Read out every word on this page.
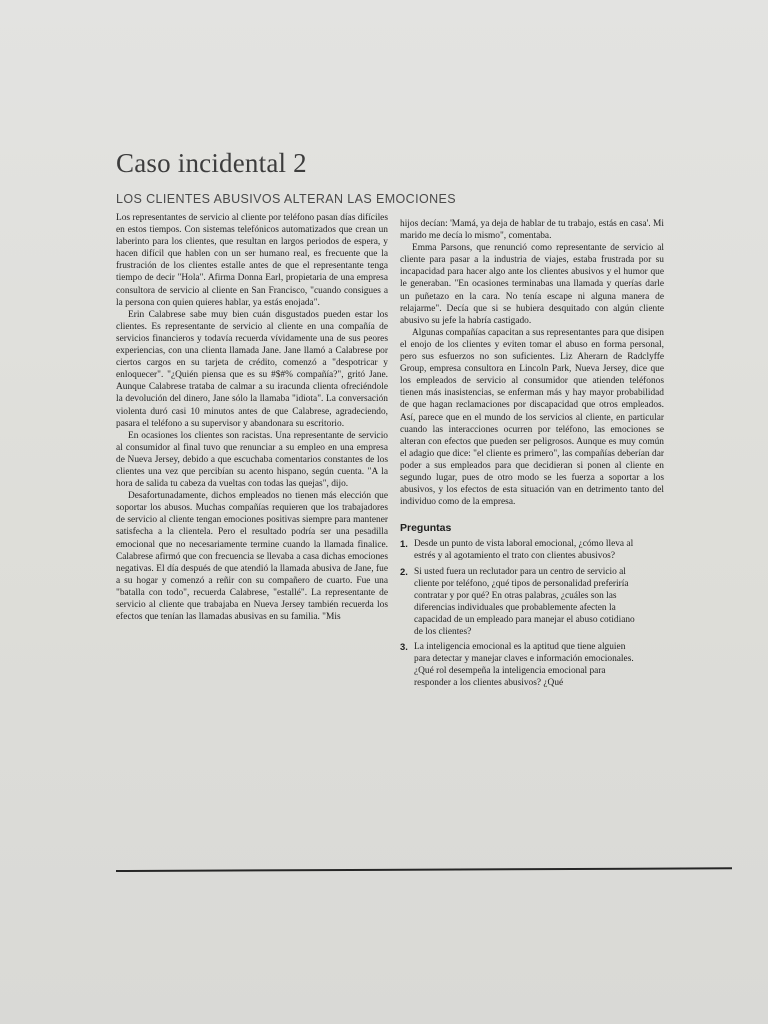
Caso incidental 2
LOS CLIENTES ABUSIVOS ALTERAN LAS EMOCIONES

Los representantes de servicio al cliente por teléfono pasan días difíciles en estos tiempos. Con sistemas telefónicos automatizados que crean un laberinto para los clientes, que resultan en largos periodos de espera, y hacen difícil que hablen con un ser humano real, es frecuente que la frustración de los clientes estalle antes de que el representante tenga tiempo de decir "Hola". Afirma Donna Earl, propietaria de una empresa consultora de servicio al cliente en San Francisco, "cuando consigues a la persona con quien quieres hablar, ya estás enojada".

Erin Calabrese sabe muy bien cuán disgustados pueden estar los clientes. Es representante de servicio al cliente en una compañía de servicios financieros y todavía recuerda vívidamente una de sus peores experiencias, con una clienta llamada Jane. Jane llamó a Calabrese por ciertos cargos en su tarjeta de crédito, comenzó a "despotricar y enloquecer". "¿Quién piensa que es su #$#% compañía?", gritó Jane. Aunque Calabrese trataba de calmar a su iracunda clienta ofreciéndole la devolución del dinero, Jane sólo la llamaba "idiota". La conversación violenta duró casi 10 minutos antes de que Calabrese, agradeciendo, pasara el teléfono a su supervisor y abandonara su escritorio.

En ocasiones los clientes son racistas. Una representante de servicio al consumidor al final tuvo que renunciar a su empleo en una empresa de Nueva Jersey, debido a que escuchaba comentarios constantes de los clientes una vez que percibían su acento hispano, según cuenta. "A la hora de salida tu cabeza da vueltas con todas las quejas", dijo.

Desafortunadamente, dichos empleados no tienen más elección que soportar los abusos. Muchas compañías requieren que los trabajadores de servicio al cliente tengan emociones positivas siempre para mantener satisfecha a la clientela. Pero el resultado podría ser una pesadilla emocional que no necesariamente termine cuando la llamada finalice. Calabrese afirmó que con frecuencia se llevaba a casa dichas emociones negativas. El día después de que atendió la llamada abusiva de Jane, fue a su hogar y comenzó a reñir con su compañero de cuarto. Fue una "batalla con todo", recuerda Calabrese, "estallé". La representante de servicio al cliente que trabajaba en Nueva Jersey también recuerda los efectos que tenían las llamadas abusivas en su familia. "Mis

hijos decían: 'Mamá, ya deja de hablar de tu trabajo, estás en casa'. Mi marido me decía lo mismo", comentaba.

Emma Parsons, que renunció como representante de servicio al cliente para pasar a la industria de viajes, estaba frustrada por su incapacidad para hacer algo ante los clientes abusivos y el humor que le generaban. "En ocasiones terminabas una llamada y querías darle un puñetazo en la cara. No tenía escape ni alguna manera de relajarme". Decía que si se hubiera desquitado con algún cliente abusivo su jefe la habría castigado.

Algunas compañías capacitan a sus representantes para que disipen el enojo de los clientes y eviten tomar el abuso en forma personal, pero sus esfuerzos no son suficientes. Liz Aherarn de Radclyffe Group, empresa consultora en Lincoln Park, Nueva Jersey, dice que los empleados de servicio al consumidor que atienden teléfonos tienen más inasistencias, se enferman más y hay mayor probabilidad de que hagan reclamaciones por discapacidad que otros empleados. Así, parece que en el mundo de los servicios al cliente, en particular cuando las interacciones ocurren por teléfono, las emociones se alteran con efectos que pueden ser peligrosos. Aunque es muy común el adagio que dice: "el cliente es primero", las compañías deberían dar poder a sus empleados para que decidieran si ponen al cliente en segundo lugar, pues de otro modo se les fuerza a soportar a los abusivos, y los efectos de esta situación van en detrimento tanto del individuo como de la empresa.

Preguntas
1. Desde un punto de vista laboral emocional, ¿cómo lleva al estrés y al agotamiento el trato con clientes abusivos?
2. Si usted fuera un reclutador para un centro de servicio al cliente por teléfono, ¿qué tipos de personalidad preferiría contratar y por qué? En otras palabras, ¿cuáles son las diferencias individuales que probablemente afecten la capacidad de un empleado para manejar el abuso cotidiano de los clientes?
3. La inteligencia emocional es la aptitud que tiene alguien para detectar y manejar claves e información emocionales. ¿Qué rol desempeña la inteligencia emocional para responder a los clientes abusivos? ¿Qué
